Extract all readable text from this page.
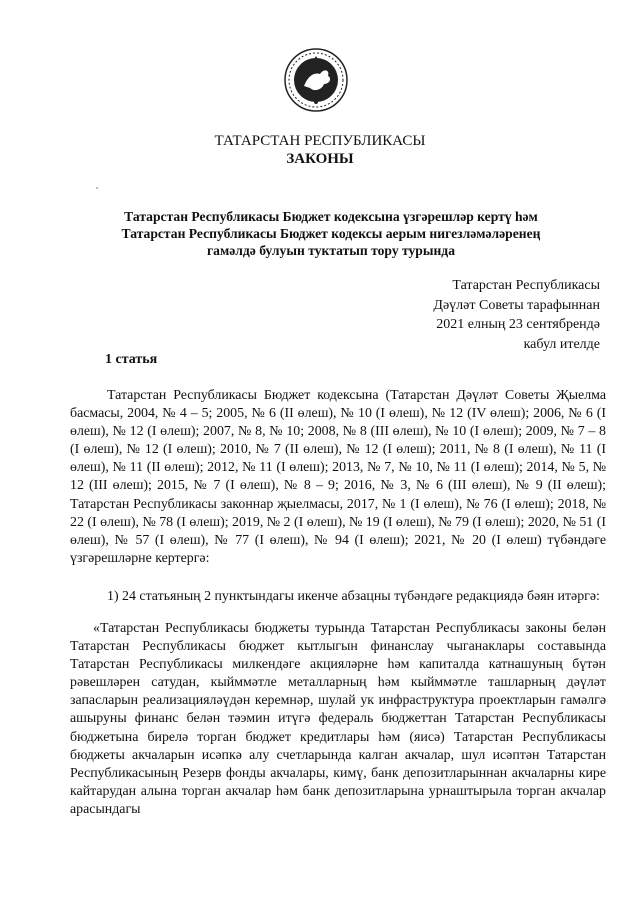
ТАТАРСТАН РЕСПУБЛИКАСЫ
ЗАКОНЫ
Татарстан Республикасы Бюджет кодексына үзгәрешләр кертү һәм
Татарстан Республикасы Бюджет кодексы аерым нигезләмәләренең
гамәлдә булуын туктатып тору турында
Татарстан Республикасы
Дәүләт Советы тарафыннан
2021 елның 23 сентябрендә
кабул ителде
1 статья
Татарстан Республикасы Бюджет кодексына (Татарстан Дәүләт Советы Җыелма басмасы, 2004, № 4 – 5; 2005, № 6 (II өлеш), № 10 (I өлеш), № 12 (IV өлеш); 2006, № 6 (I өлеш), № 12 (I өлеш); 2007, № 8, № 10; 2008, № 8 (III өлеш), № 10 (I өлеш); 2009, № 7 – 8 (I өлеш), № 12 (I өлеш); 2010, № 7 (II өлеш), № 12 (I өлеш); 2011, № 8 (I өлеш), № 11 (I өлеш), № 11 (II өлеш); 2012, № 11 (I өлеш); 2013, № 7, № 10, № 11 (I өлеш); 2014, № 5, № 12 (III өлеш); 2015, № 7 (I өлеш), № 8 – 9; 2016, № 3, № 6 (III өлеш), № 9 (II өлеш); Татарстан Республикасы законнар җыелмасы, 2017, № 1 (I өлеш), № 76 (I өлеш); 2018, № 22 (I өлеш), № 78 (I өлеш); 2019, № 2 (I өлеш), № 19 (I өлеш), № 79 (I өлеш); 2020, № 51 (I өлеш), № 57 (I өлеш), № 77 (I өлеш), № 94 (I өлеш); 2021, № 20 (I өлеш) түбәндәге үзгәрешләрне кертергә:
1) 24 статьяның 2 пунктындагы икенче абзацны түбәндәге редакциядә бәян итәргә:
«Татарстан Республикасы бюджеты турында Татарстан Республикасы законы белән Татарстан Республикасы бюджет кытлыгын финанслау чыганаклары составында Татарстан Республикасы милкендәге акцияләрне һәм капиталда катнашуның бүтән рәвешләрен сатудан, кыйммәтле металларның һәм кыйммәтле ташларның дәүләт запасларын реализацияләүдән керемнәр, шулай ук инфраструктура проектларын гамәлгә ашыруны финанс белән тәэмин итүгә федераль бюджеттан Татарстан Республикасы бюджетына бирелә торган бюджет кредитлары һәм (яисә) Татарстан Республикасы бюджеты акчаларын исәпкә алу счетларында калган акчалар, шул исәптән Татарстан Республикасының Резерв фонды акчалары, кимү, банк депозитларыннан акчаларны кире кайтарудан алына торган акчалар һәм банк депозитларына урнаштырыла торган акчалар арасындагы
